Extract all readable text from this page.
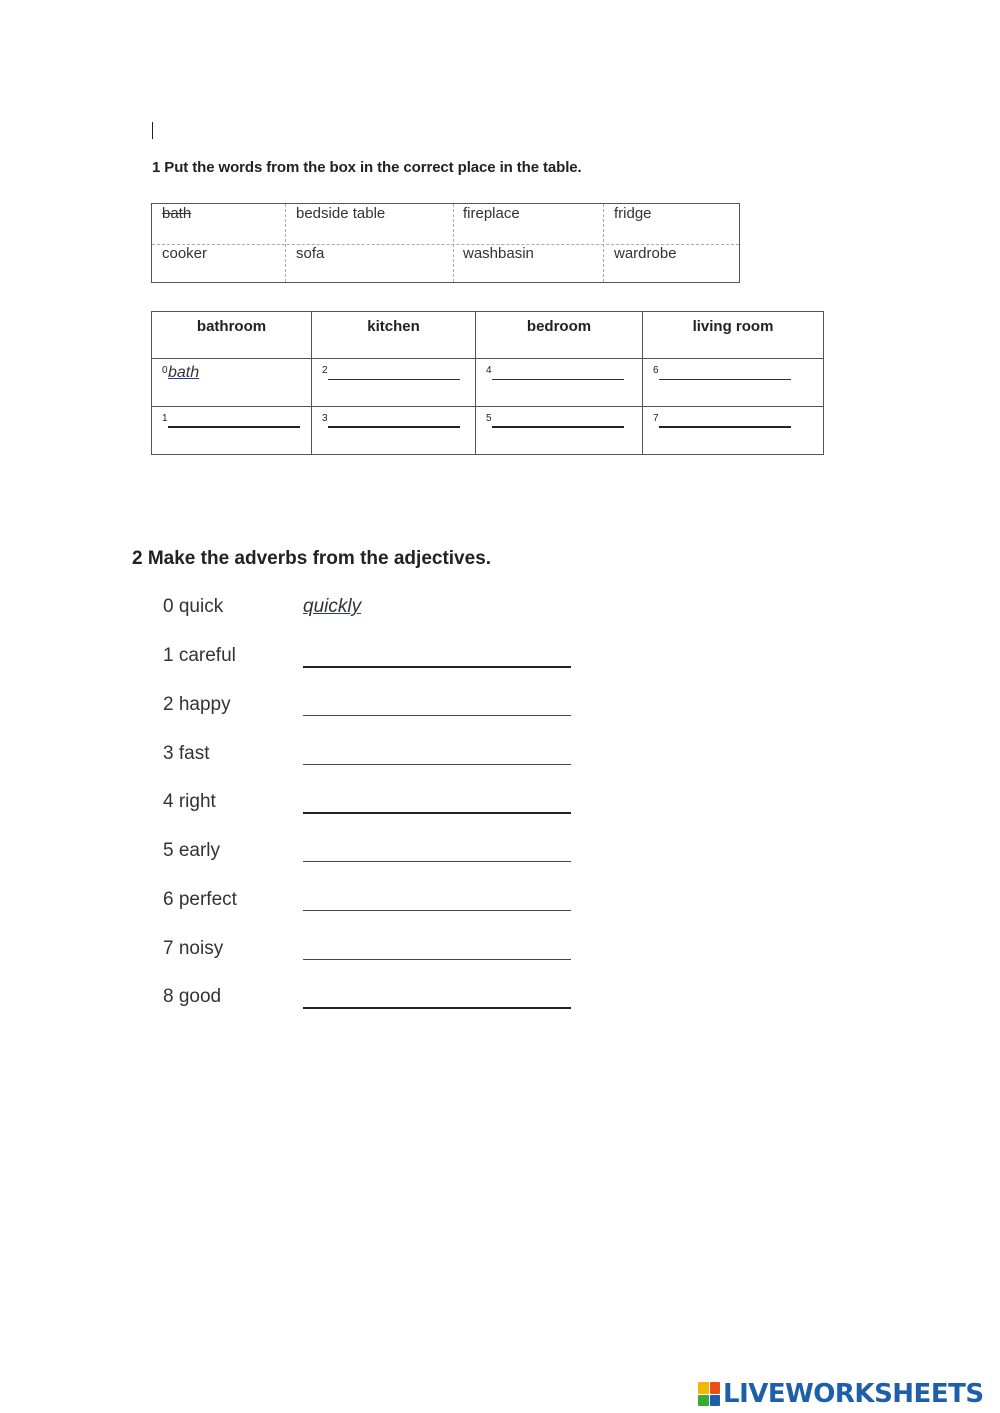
1 Put the words from the box in the correct place in the table.
bath	bedside table	fireplace	fridge
cooker	sofa	washbasin	wardrobe
bathroom	kitchen	bedroom	living room

0 bath	2	4	6

1	3	5	7
2 Make the adverbs from the adjectives.
0 quick	quickly
1 careful
2 happy
3 fast
4 right
5 early
6 perfect
7 noisy
8 good
LIVEWORKSHEETS
